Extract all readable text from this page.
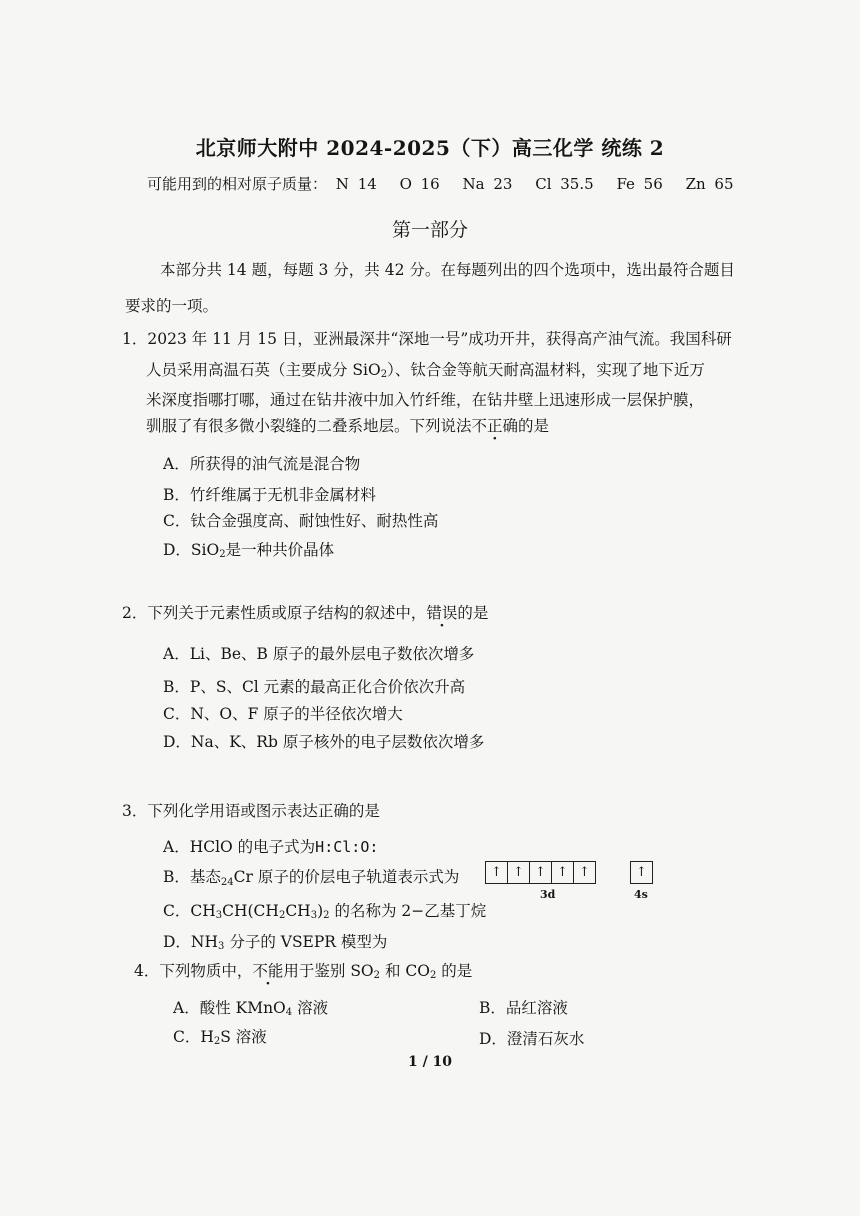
北京师大附中 2024-2025（下）高三化学 统练 2
可能用到的相对原子质量： N 14 O 16 Na 23 Cl 35.5 Fe 56 Zn 65
第一部分
本部分共 14 题，每题 3 分，共 42 分。在每题列出的四个选项中，选出最符合题目
要求的一项。
1．2023 年 11 月 15 日，亚洲最深井“深地一号”成功开井，获得高产油气流。我国科研
人员采用高温石英（主要成分 SiO$_2$）、钛合金等航天耐高温材料，实现了地下近万
米深度指哪打哪，通过在钻井液中加入竹纤维，在钻井壁上迅速形成一层保护膜，
驯服了有很多微小裂缝的二叠系地层。下列说法不正确的是
A．所获得的油气流是混合物
B．竹纤维属于无机非金属材料
C．钛合金强度高、耐蚀性好、耐热性高
D．SiO$_2$是一种共价晶体
2．下列关于元素性质或原子结构的叙述中，错误的是
A．Li、Be、B 原子的最外层电子数依次增多
B．P、S、Cl 元素的最高正化合价依次升高
C．N、O、F 原子的半径依次增大
D．Na、K、Rb 原子核外的电子层数依次增多
3．下列化学用语或图示表达正确的是
A．HClO 的电子式为H:Cl:O:
B．基态24Cr 原子的价层电子轨道表示式为	↑ ↑ ↑ ↑ ↑	↑
3d	4s
C．$CH_3CH(CH_2CH_3)_2$ 的名称为 2−乙基丁烷
D．$NH_3$ 分子的 VSEPR 模型为
4．下列物质中，不能用于鉴别 $SO_2$ 和 $CO_2$ 的是
A．酸性 KMnO$_4$ 溶液	B．品红溶液
C．$H_2S$ 溶液	D．澄清石灰水
1 / 10
